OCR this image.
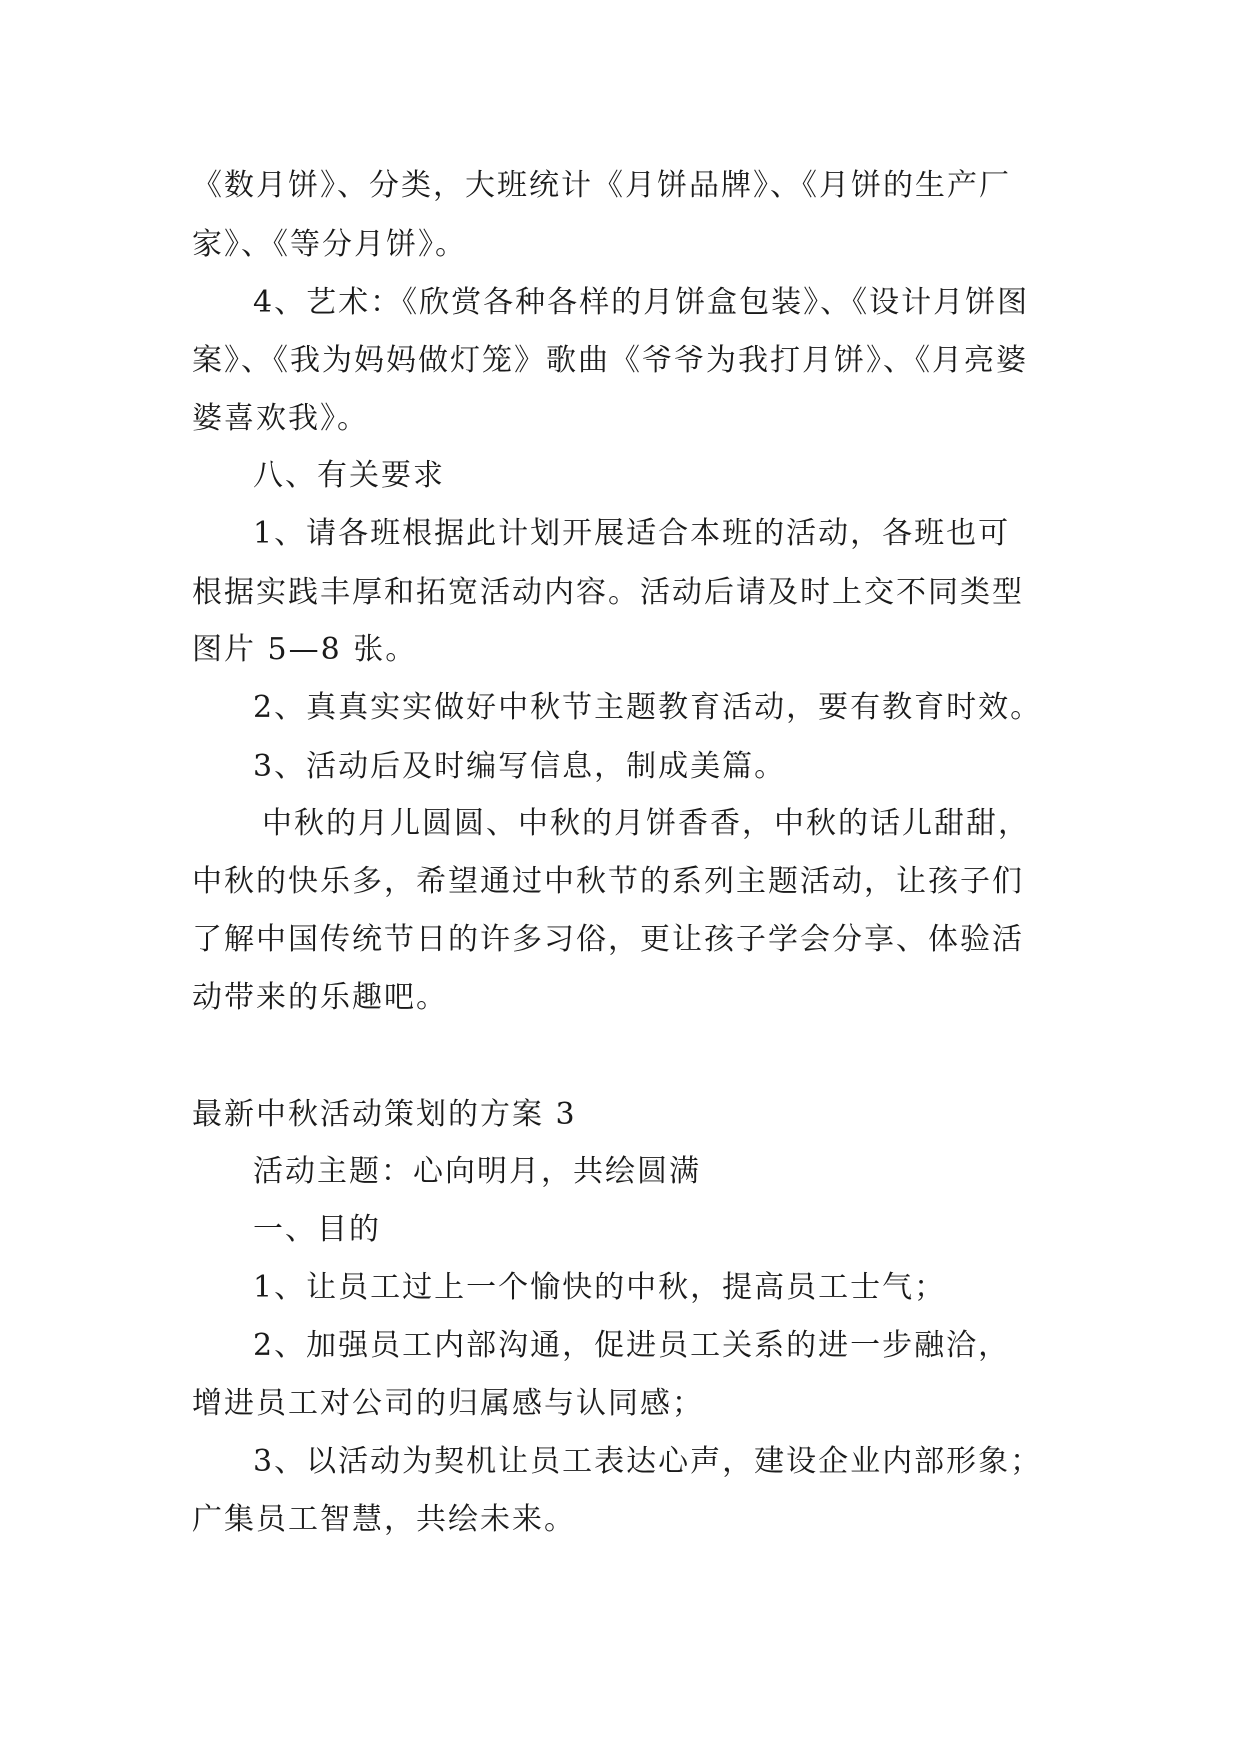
《数月饼》、分类，大班统计《月饼品牌》、《月饼的生产厂
家》、《等分月饼》。
4、艺术：《欣赏各种各样的月饼盒包装》、《设计月饼图
案》、《我为妈妈做灯笼》歌曲《爷爷为我打月饼》、《月亮婆
婆喜欢我》。
八、有关要求
1、请各班根据此计划开展适合本班的活动，各班也可
根据实践丰厚和拓宽活动内容。活动后请及时上交不同类型
图片 5—8 张。
2、真真实实做好中秋节主题教育活动，要有教育时效。
3、活动后及时编写信息，制成美篇。
中秋的月儿圆圆、中秋的月饼香香，中秋的话儿甜甜，
中秋的快乐多，希望通过中秋节的系列主题活动，让孩子们
了解中国传统节日的许多习俗，更让孩子学会分享、体验活
动带来的乐趣吧。
最新中秋活动策划的方案 3
活动主题：心向明月，共绘圆满
一、目的
1、让员工过上一个愉快的中秋，提高员工士气；
2、加强员工内部沟通，促进员工关系的进一步融洽，
增进员工对公司的归属感与认同感；
3、以活动为契机让员工表达心声，建设企业内部形象；
广集员工智慧，共绘未来。
